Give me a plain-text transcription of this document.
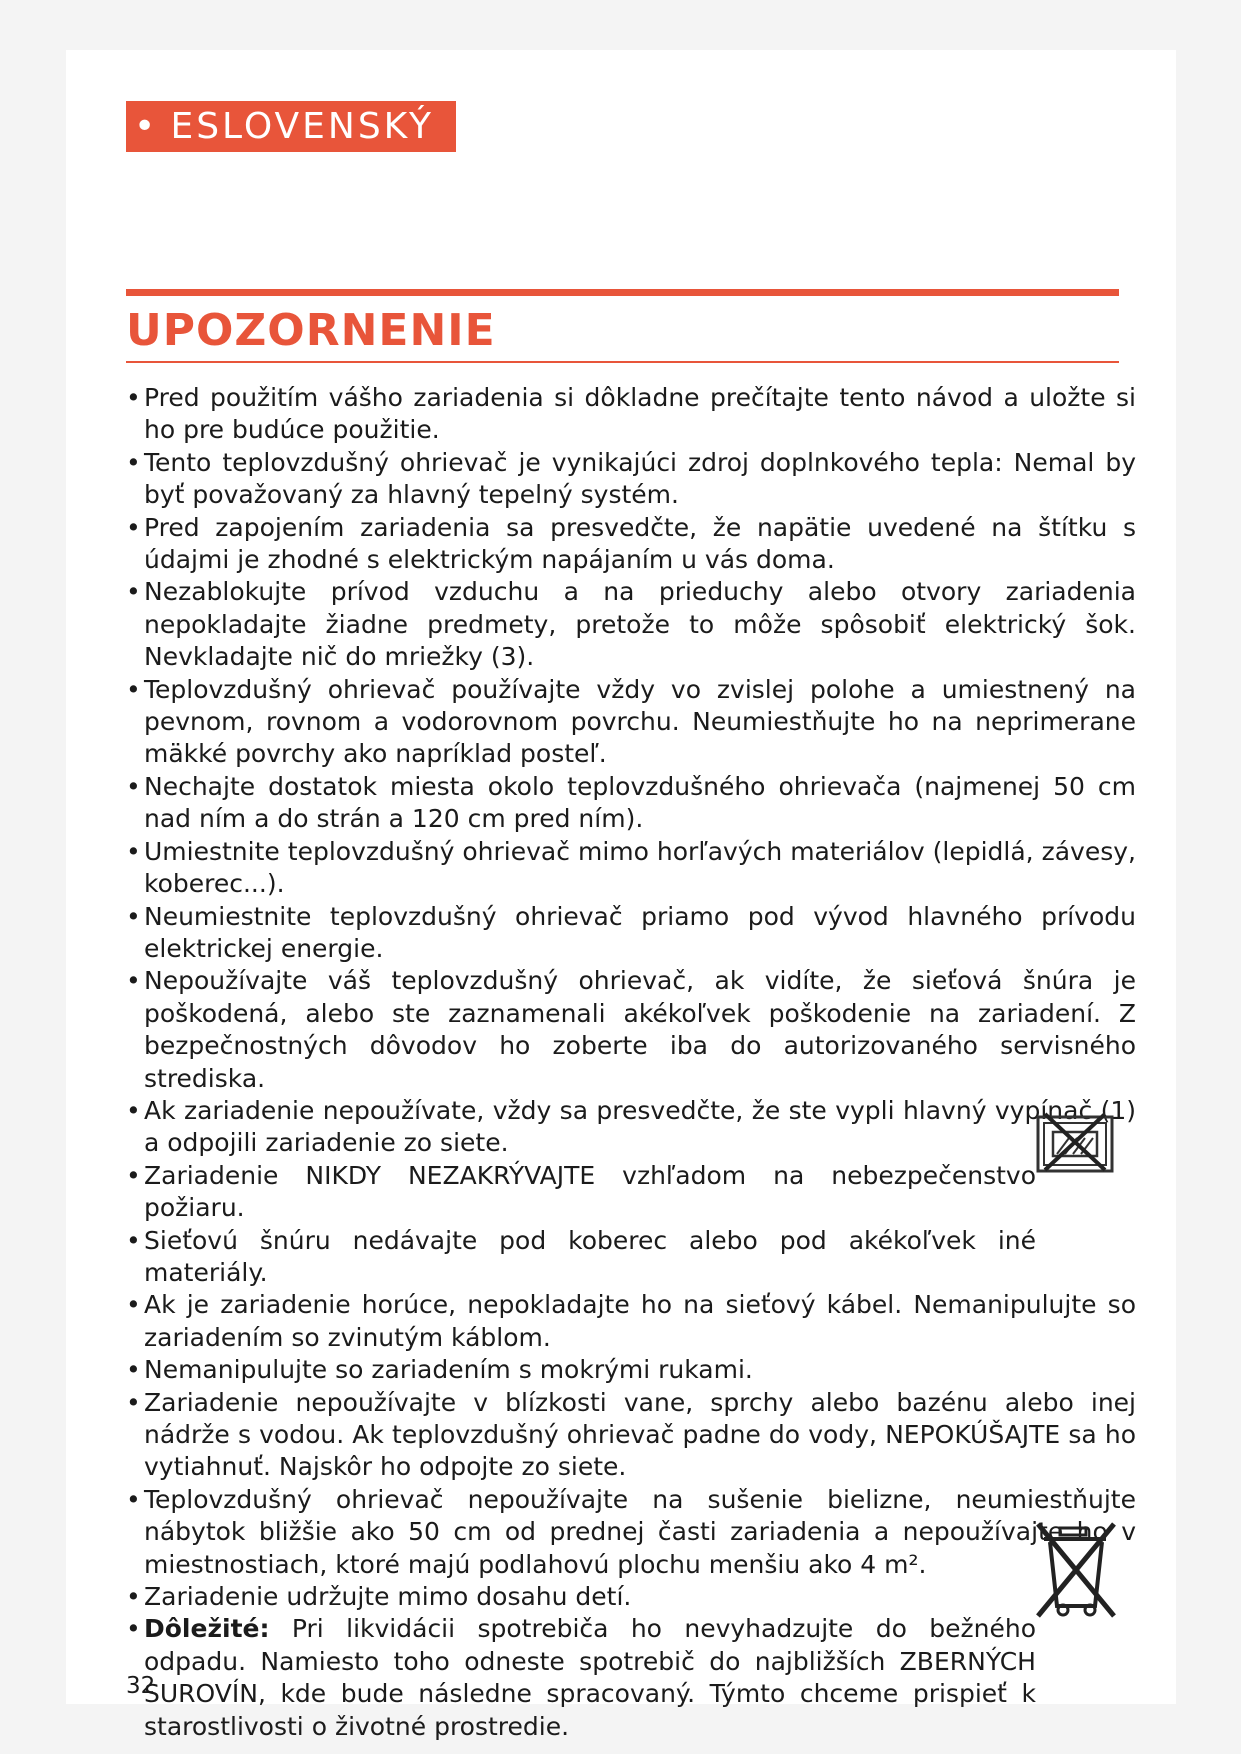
• ESLOVENSKÝ
UPOZORNENIE
• Pred použitím vášho zariadenia si dôkladne prečítajte tento návod a uložte si ho pre budúce použitie.
• Tento teplovzdušný ohrievač je vynikajúci zdroj doplnkového tepla: Nemal by byť považovaný za hlavný tepelný systém.
• Pred zapojením zariadenia sa presvedčte, že napätie uvedené na štítku s údajmi je zhodné s elektrickým napájaním u vás doma.
• Nezablokujte prívod vzduchu a na prieduchy alebo otvory zariadenia nepokladajte žiadne predmety, pretože to môže spôsobiť elektrický šok. Nevkladajte nič do mriežky (3).
• Teplovzdušný ohrievač používajte vždy vo zvislej polohe a umiestnený na pevnom, rovnom a vodorovnom povrchu. Neumiestňujte ho na neprimerane mäkké povrchy ako napríklad posteľ.
• Nechajte dostatok miesta okolo teplovzdušného ohrievača (najmenej 50 cm nad ním a do strán a 120 cm pred ním).
• Umiestnite teplovzdušný ohrievač mimo horľavých materiálov (lepidlá, závesy, koberec...).
• Neumiestnite teplovzdušný ohrievač priamo pod vývod hlavného prívodu elektrickej energie.
• Nepoužívajte váš teplovzdušný ohrievač, ak vidíte, že sieťová šnúra je poškodená, alebo ste zaznamenali akékoľvek poškodenie na zariadení. Z bezpečnostných dôvodov ho zoberte iba do autorizovaného servisného strediska.
• Ak zariadenie nepoužívate, vždy sa presvedčte, že ste vypli hlavný vypínač (1) a odpojili zariadenie zo siete.
• Zariadenie NIKDY NEZAKRÝVAJTE vzhľadom na nebezpečenstvo požiaru.
• Sieťovú šnúru nedávajte pod koberec alebo pod akékoľvek iné materiály.
• Ak je zariadenie horúce, nepokladajte ho na sieťový kábel. Nemanipulujte so zariadením so zvinutým káblom.
• Nemanipulujte so zariadením s mokrými rukami.
• Zariadenie nepoužívajte v blízkosti vane, sprchy alebo bazénu alebo inej nádrže s vodou. Ak teplovzdušný ohrievač padne do vody, NEPOKÚŠAJTE sa ho vytiahnuť. Najskôr ho odpojte zo siete.
• Teplovzdušný ohrievač nepoužívajte na sušenie bielizne, neumiestňujte nábytok bližšie ako 50 cm od prednej časti zariadenia a nepoužívajte ho v miestnostiach, ktoré majú podlahovú plochu menšiu ako 4 m².
• Zariadenie udržujte mimo dosahu detí.
• Dôležité: Pri likvidácii spotrebiča ho nevyhadzujte do bežného odpadu. Namiesto toho odneste spotrebič do najbližších ZBERNÝCH SUROVÍN, kde bude následne spracovaný. Týmto chceme prispieť k starostlivosti o životné prostredie.
32
